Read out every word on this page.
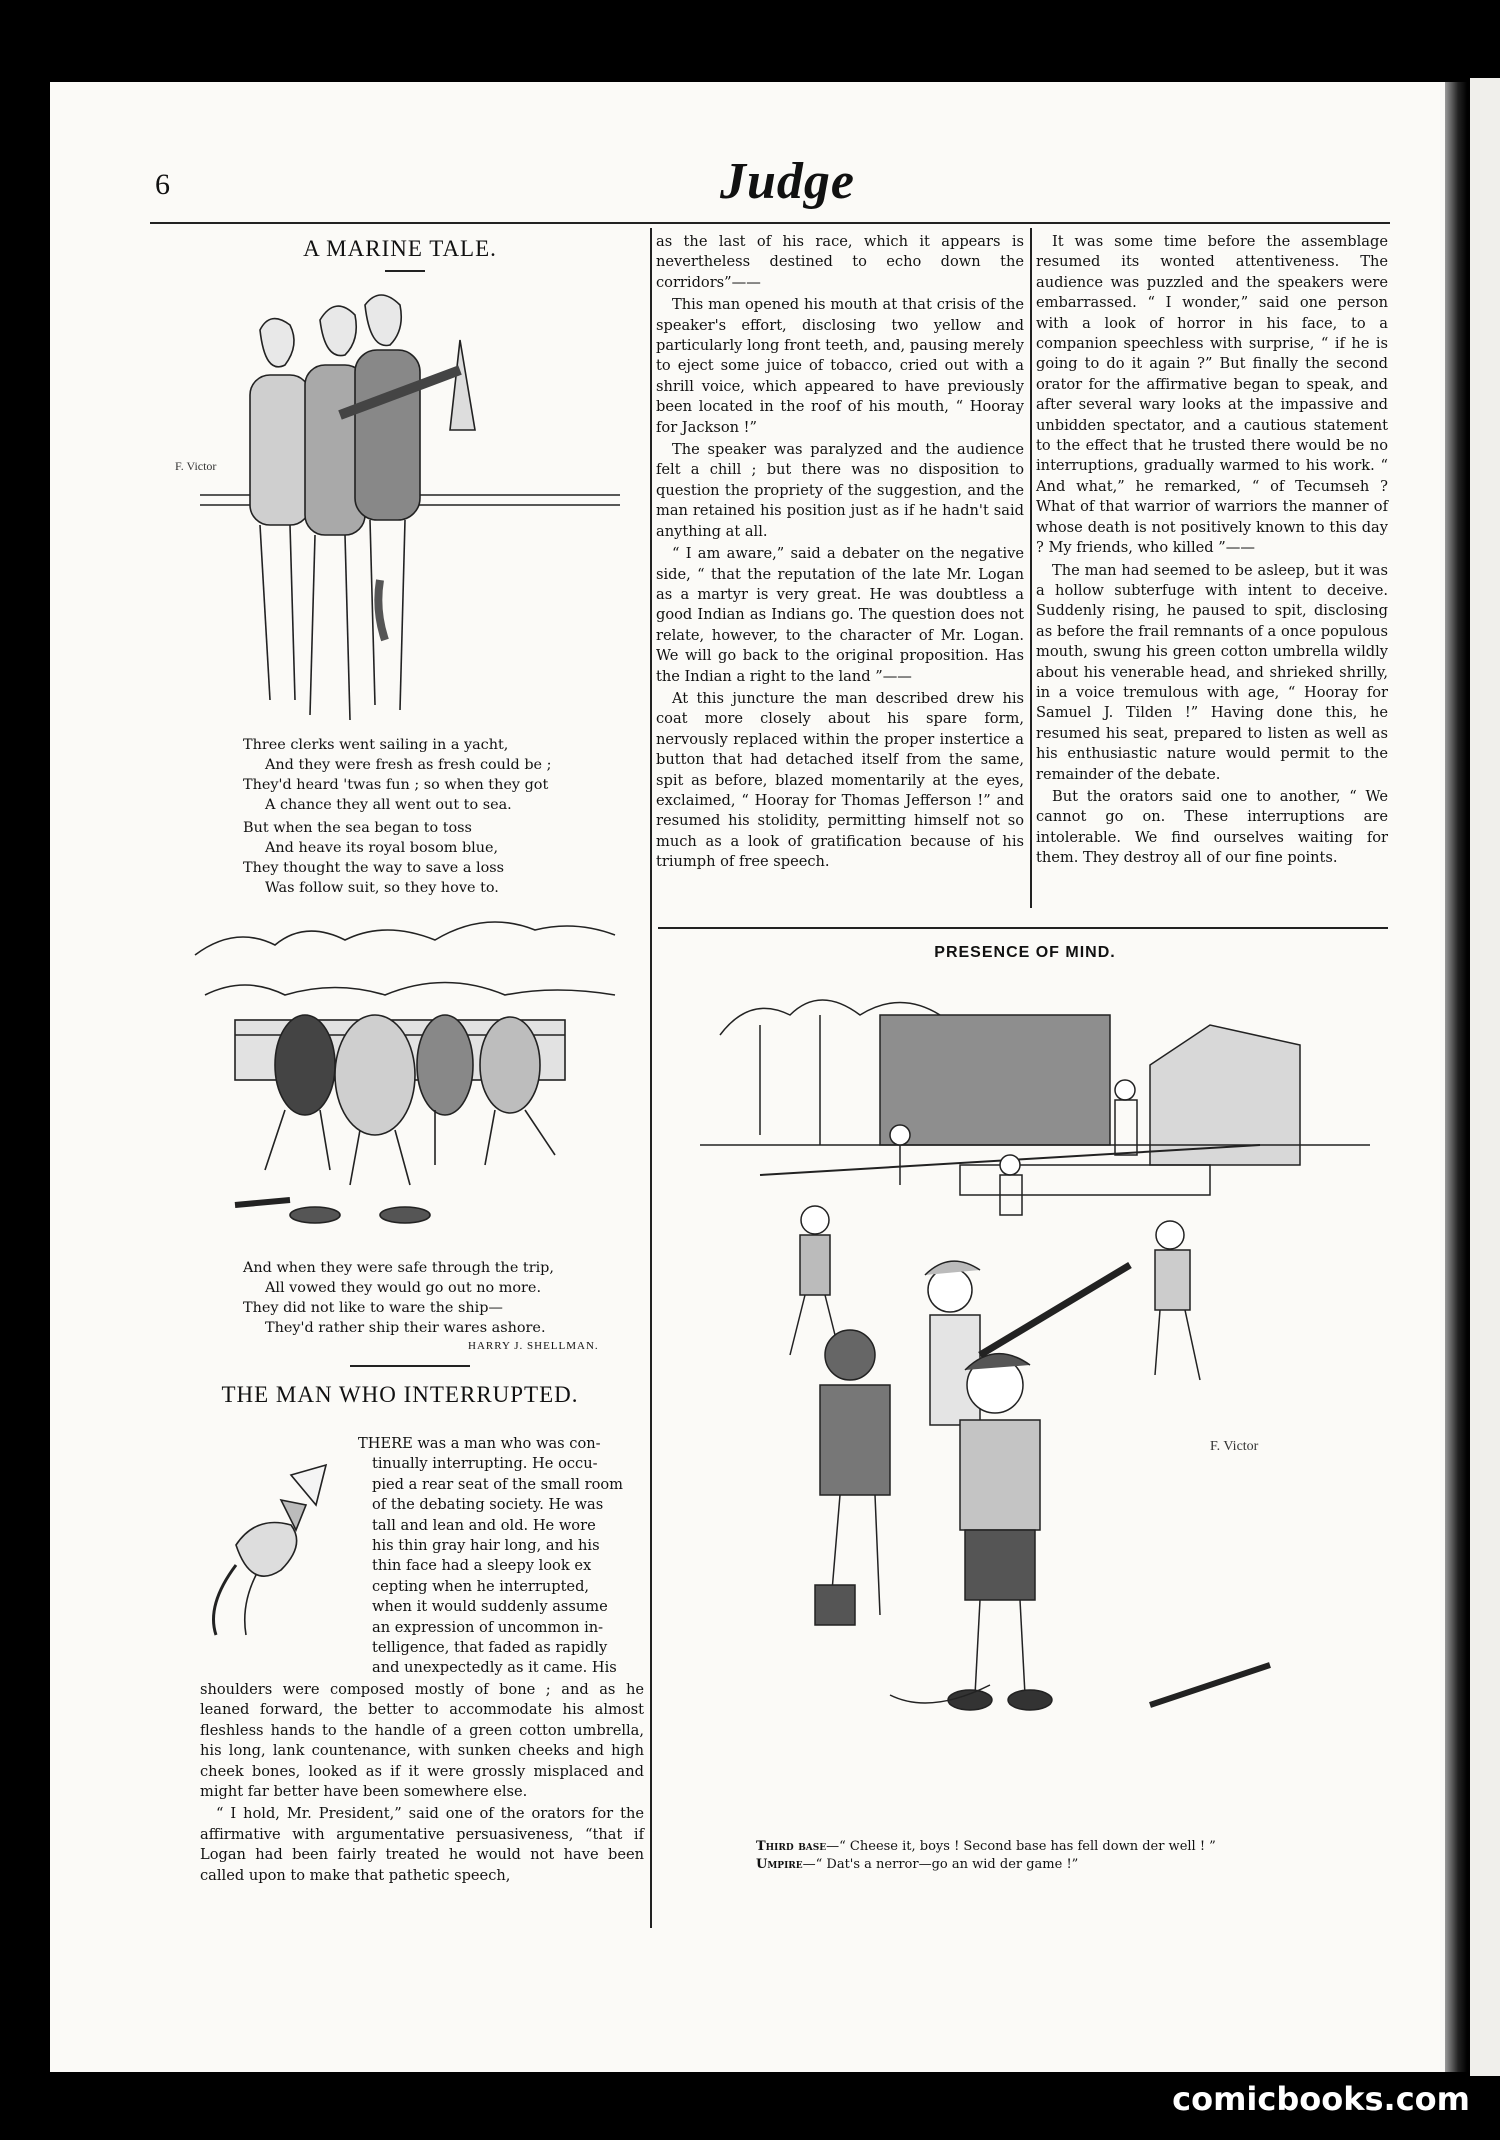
6	Judge
A MARINE TALE.
F. Victor
Three clerks went sailing in a yacht,
And they were fresh as fresh could be ;
They'd heard 'twas fun ; so when they got
A chance they all went out to sea.
But when the sea began to toss
And heave its royal bosom blue,
They thought the way to save a loss
Was follow suit, so they hove to.
And when they were safe through the trip,
All vowed they would go out no more.
They did not like to ware the ship—
They'd rather ship their wares ashore.
HARRY J. SHELLMAN.
THE MAN WHO INTERRUPTED.
THERE was a man who was con-
tinually interrupting. He occu-
pied a rear seat of the small room
of the debating society. He was
tall and lean and old. He wore
his thin gray hair long, and his
thin face had a sleepy look ex
cepting when he interrupted,
when it would suddenly assume
an expression of uncommon in-
telligence, that faded as rapidly
and unexpectedly as it came. His

shoulders were composed mostly of bone ; and as he leaned forward, the better to accommodate his almost fleshless hands to the handle of a green cotton umbrella, his long, lank countenance, with sunken cheeks and high cheek bones, looked as if it were grossly misplaced and might far better have been somewhere else.

“ I hold, Mr. President,” said one of the orators for the affirmative with argumentative persuasiveness, “that if Logan had been fairly treated he would not have been called upon to make that pathetic speech,

as the last of his race, which it appears is nevertheless destined to echo down the corridors”——

This man opened his mouth at that crisis of the speaker's effort, disclosing two yellow and particularly long front teeth, and, pausing merely to eject some juice of tobacco, cried out with a shrill voice, which appeared to have previously been located in the roof of his mouth, “ Hooray for Jackson !”

The speaker was paralyzed and the audience felt a chill ; but there was no disposition to question the propriety of the suggestion, and the man retained his position just as if he hadn't said anything at all.

“ I am aware,” said a debater on the negative side, “ that the reputation of the late Mr. Logan as a martyr is very great. He was doubtless a good Indian as Indians go. The question does not relate, however, to the character of Mr. Logan. We will go back to the original proposition. Has the Indian a right to the land ”——

At this juncture the man described drew his coat more closely about his spare form, nervously replaced within the proper instertice a button that had detached itself from the same, spit as before, blazed momentarily at the eyes, exclaimed, “ Hooray for Thomas Jefferson !” and resumed his stolidity, permitting himself not so much as a look of gratification because of his triumph of free speech.

It was some time before the assemblage resumed its wonted attentiveness. The audience was puzzled and the speakers were embarrassed. “ I wonder,” said one person with a look of horror in his face, to a companion speechless with surprise, “ if he is going to do it again ?” But finally the second orator for the affirmative began to speak, and after several wary looks at the impassive and unbidden spectator, and a cautious statement to the effect that he trusted there would be no interruptions, gradually warmed to his work. “ And what,” he remarked, “ of Tecumseh ? What of that warrior of warriors the manner of whose death is not positively known to this day ? My friends, who killed ”——

The man had seemed to be asleep, but it was a hollow subterfuge with intent to deceive. Suddenly rising, he paused to spit, disclosing as before the frail remnants of a once populous mouth, swung his green cotton umbrella wildly about his venerable head, and shrieked shrilly, in a voice tremulous with age, “ Hooray for Samuel J. Tilden !” Having done this, he resumed his seat, prepared to listen as well as his enthusiastic nature would permit to the remainder of the debate.

But the orators said one to another, “ We cannot go on. These interruptions are intolerable. We find ourselves waiting for them. They destroy all of our fine points.

PRESENCE OF MIND.
F. Victor
Third base—“ Cheese it, boys ! Second base has fell down der well ! ”
Umpire—“ Dat's a nerror—go an wid der game !”
comicbooks.com
